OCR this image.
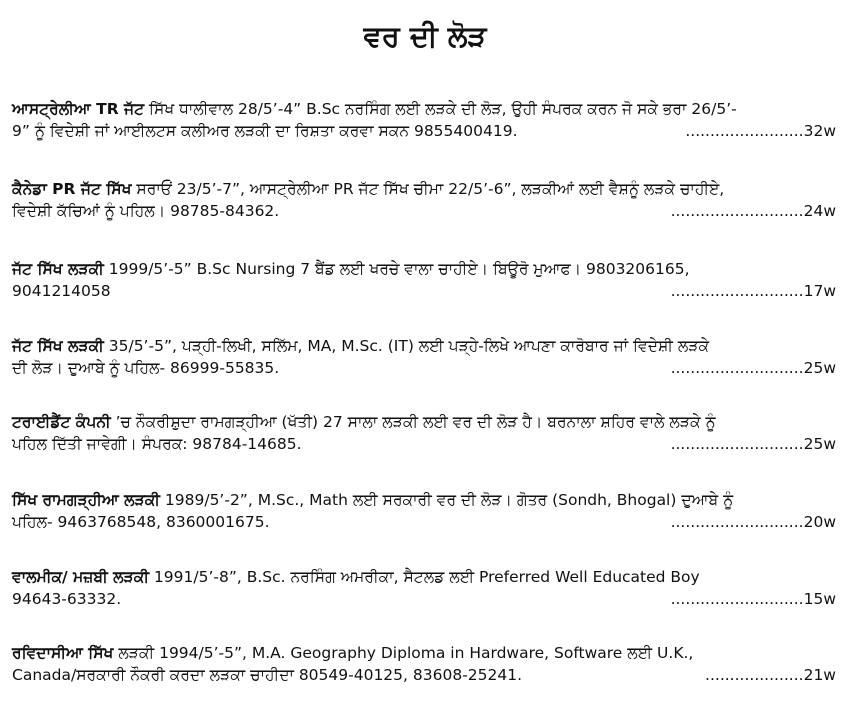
ਵਰ ਦੀ ਲੋੜ
ਆਸਟ੍ਰੇਲੀਆ TR ਜੱਟ ਸਿੱਖ ਧਾਲੀਵਾਲ 28/5’-4” B.Sc ਨਰਸਿੰਗ ਲਈ ਲੜਕੇ ਦੀ ਲੋੜ, ਉਹੀ ਸੰਪਰਕ ਕਰਨ ਜੋ ਸਕੇ ਭਰਾ 26/5’-
9” ਨੂੰ ਵਿਦੇਸ਼ੀ ਜਾਂ ਆਈਲਟਸ ਕਲੀਅਰ ਲੜਕੀ ਦਾ ਰਿਸ਼ਤਾ ਕਰਵਾ ਸਕਨ 9855400419.	........................32w
ਕੈਨੇਡਾ PR ਜੱਟ ਸਿੱਖ ਸਰਾਓਂ 23/5’-7”, ਆਸਟ੍ਰੇਲੀਆ PR ਜੱਟ ਸਿੱਖ ਚੀਮਾ 22/5’-6”, ਲੜਕੀਆਂ ਲਈ ਵੈਸ਼ਨੂੰ ਲੜਕੇ ਚਾਹੀਏ,
ਵਿਦੇਸ਼ੀ ਕੱਚਿਆਂ ਨੂੰ ਪਹਿਲ। 98785-84362.	...........................24w
ਜੱਟ ਸਿੱਖ ਲੜਕੀ 1999/5’-5” B.Sc Nursing 7 ਬੈਂਡ ਲਈ ਖਰਚੇ ਵਾਲਾ ਚਾਹੀਏ। ਬਿਊਰੋ ਮੁਆਫ। 9803206165,
9041214058	...........................17w
ਜੱਟ ਸਿੱਖ ਲੜਕੀ 35/5’-5”, ਪੜ੍ਹੀ-ਲਿਖੀ, ਸਲਿੱਮ, MA, M.Sc. (IT) ਲਈ ਪੜ੍ਹੇ-ਲਿਖੇ ਆਪਣਾ ਕਾਰੋਬਾਰ ਜਾਂ ਵਿਦੇਸ਼ੀ ਲੜਕੇ
ਦੀ ਲੋੜ। ਦੁਆਬੇ ਨੂੰ ਪਹਿਲ- 86999-55835.	...........................25w
ਟਰਾਈਡੈਂਟ ਕੰਪਨੀ ’ਚ ਨੌਕਰੀਸ਼ੁਦਾ ਰਾਮਗੜ੍ਹੀਆ (ਖੱਤੀ) 27 ਸਾਲਾ ਲੜਕੀ ਲਈ ਵਰ ਦੀ ਲੋੜ ਹੈ। ਬਰਨਾਲਾ ਸ਼ਹਿਰ ਵਾਲੇ ਲੜਕੇ ਨੂੰ
ਪਹਿਲ ਦਿੱਤੀ ਜਾਵੇਗੀ। ਸੰਪਰਕ: 98784-14685.	...........................25w
ਸਿੱਖ ਰਾਮਗੜ੍ਹੀਆ ਲੜਕੀ 1989/5’-2”, M.Sc., Math ਲਈ ਸਰਕਾਰੀ ਵਰ ਦੀ ਲੋੜ। ਗੋਤਰ (Sondh, Bhogal) ਦੁਆਬੇ ਨੂੰ
ਪਹਿਲ- 9463768548, 8360001675.	...........................20w
ਵਾਲਮੀਕ/ ਮਜ਼ਬੀ ਲੜਕੀ 1991/5’-8”, B.Sc. ਨਰਸਿੰਗ ਅਮਰੀਕਾ, ਸੈਟਲਡ ਲਈ Preferred Well Educated Boy
94643-63332.	...........................15w
ਰਵਿਦਾਸੀਆ ਸਿੱਖ ਲੜਕੀ 1994/5’-5”, M.A. Geography Diploma in Hardware, Software ਲਈ U.K.,
Canada/ਸਰਕਾਰੀ ਨੌਕਰੀ ਕਰਦਾ ਲੜਕਾ ਚਾਹੀਦਾ 80549-40125, 83608-25241.	....................21w
